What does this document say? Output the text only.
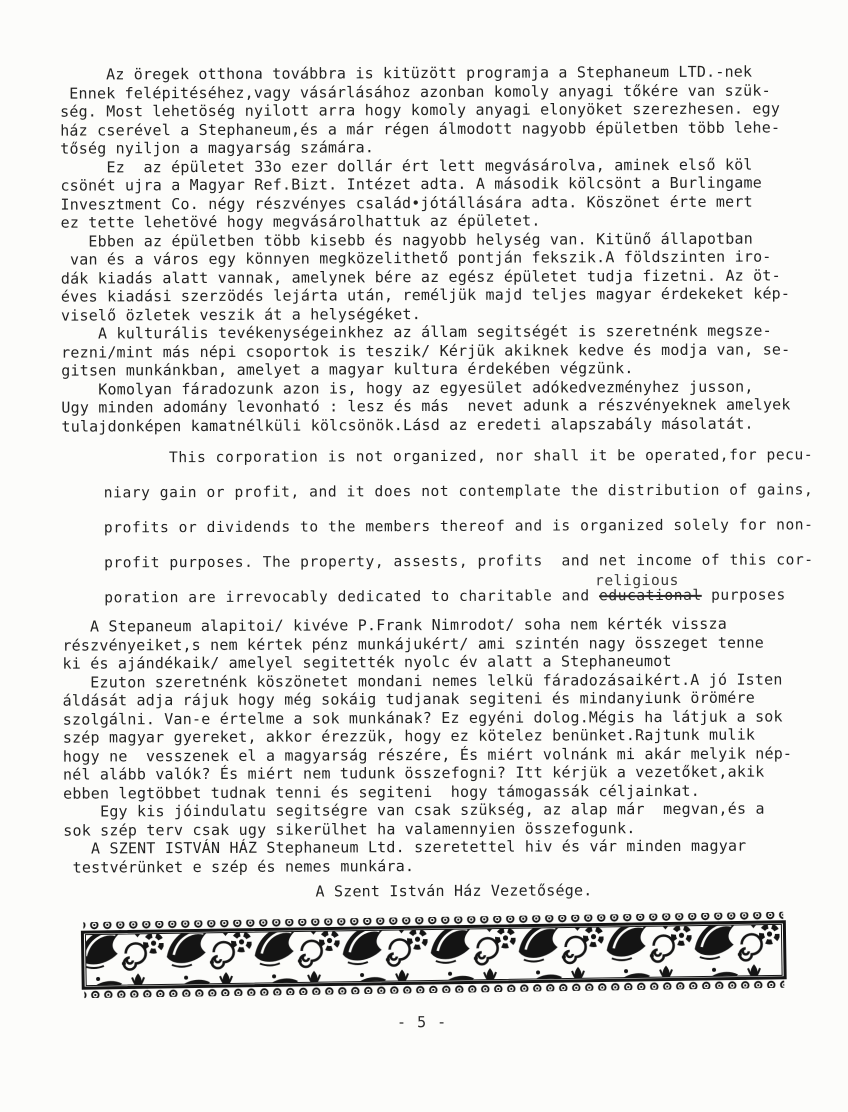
Az öregek otthona továbbra is kitüzött programja a Stephaneum LTD.-nek
Ennek felépitéséhez,vagy vásárlásához azonban komoly anyagi tőkére van szük-
ség. Most lehetöség nyilott arra hogy komoly anyagi elonyöket szerezhesen. egy
ház cserével a Stephaneum,és a már régen álmodott nagyobb épületben több lehe-
tőség nyiljon a magyarság számára.
Ez  az épületet 33o ezer dollár ért lett megvásárolva, aminek első köl
csönét ujra a Magyar Ref.Bizt. Intézet adta. A második kölcsönt a Burlingame
Invesztment Co. négy részvényes család•jótállására adta. Köszönet érte mert
ez tette lehetövé hogy megvásárolhattuk az épületet.
Ebben az épületben több kisebb és nagyobb helység van. Kitünő állapotban
van és a város egy könnyen megközelithető pontján fekszik.A földszinten iro-
dák kiadás alatt vannak, amelynek bére az egész épületet tudja fizetni. Az öt-
éves kiadási szerzödés lejárta után, reméljük majd teljes magyar érdekeket kép-
viselő özletek veszik át a helységéket.
A kulturális tevékenységeinkhez az állam segitségét is szeretnénk megsze-
rezni/mint más népi csoportok is teszik/ Kérjük akiknek kedve és modja van, se-
gitsen munkánkban, amelyet a magyar kultura érdekében végzünk.
Komolyan fáradozunk azon is, hogy az egyesület adókedvezményhez jusson,
Ugy minden adomány levonható : lesz és más  nevet adunk a részvényeknek amelyek
tulajdonképen kamatnélküli kölcsönök.Lásd az eredeti alapszabály másolatát.
This corporation is not organized, nor shall it be operated,for pecu-
niary gain or profit, and it does not contemplate the distribution of gains,
profits or dividends to the members thereof and is organized solely for non-
profit purposes. The property, assests, profits  and net income of this cor-
poration are irrevocably dedicated to charitable and
religious
educational purposes
A Stepaneum alapitoi/ kivéve P.Frank Nimrodot/ soha nem kérték vissza
részvényeiket,s nem kértek pénz munkájukért/ ami szintén nagy összeget tenne
ki és ajándékaik/ amelyel segitették nyolc év alatt a Stephaneumot
Ezuton szeretnénk köszönetet mondani nemes lelkü fáradozásaikért.A jó Isten
áldását adja rájuk hogy még sokáig tudjanak segiteni és mindanyiunk örömére
szolgálni. Van-e értelme a sok munkának? Ez egyéni dolog.Mégis ha látjuk a sok
szép magyar gyereket, akkor érezzük, hogy ez kötelez benünket.Rajtunk mulik
hogy ne  vesszenek el a magyarság részére, És miért volnánk mi akár melyik nép-
nél alább valók? És miért nem tudunk összefogni? Itt kérjük a vezetőket,akik
ebben legtöbbet tudnak tenni és segiteni  hogy támogassák céljainkat.
Egy kis jóindulatu segitségre van csak szükség, az alap már  megvan,és a
sok szép terv csak ugy sikerülhet ha valamennyien összefogunk.
A SZENT ISTVÁN HÁZ Stephaneum Ltd. szeretettel hiv és vár minden magyar
testvérünket e szép és nemes munkára.
A Szent István Ház Vezetősége.
- 5 -
